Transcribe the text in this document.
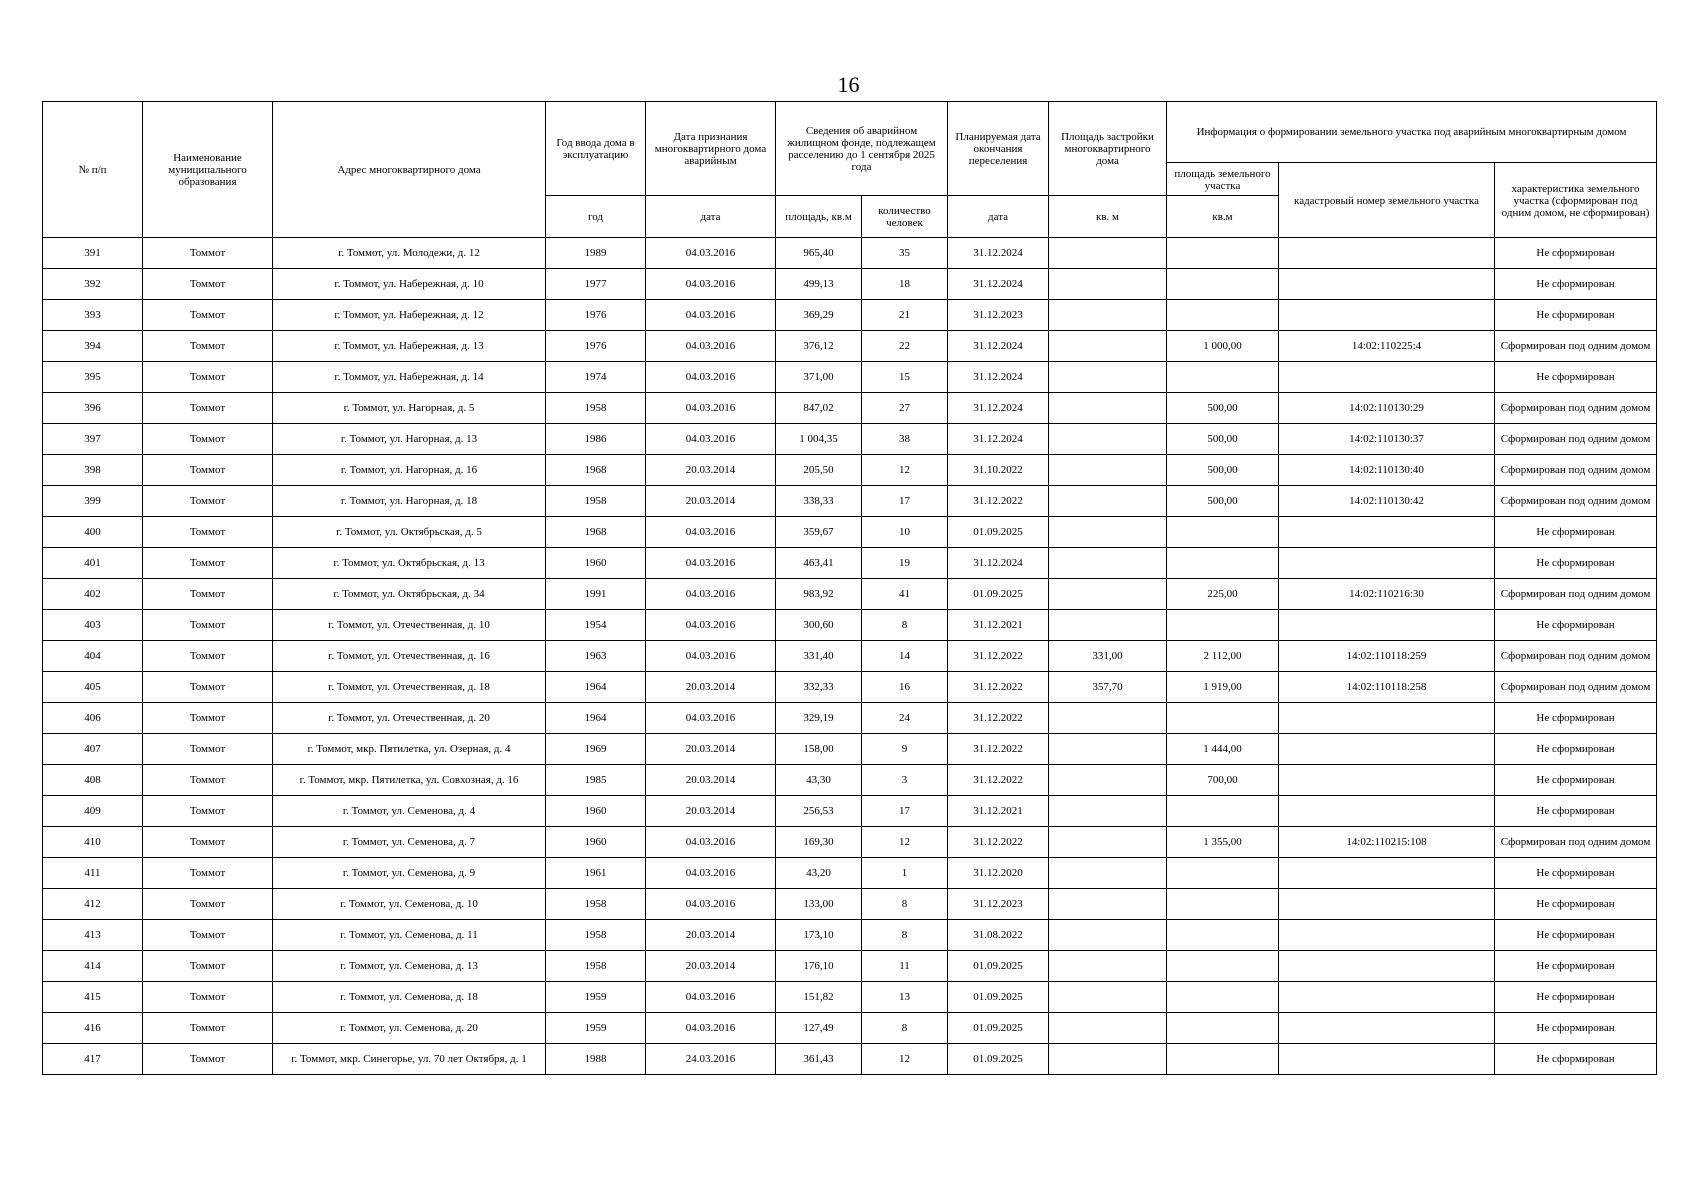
16
№ п/п	Наименование муниципального образования	Адрес многоквартирного дома	Год ввода дома в эксплуатацию	Дата признания многоквартирного дома аварийным	Сведения об аварийном жилищном фонде, подлежащем расселению до 1 сентября 2025 года		Планируемая дата окончания переселения	Площадь застройки многоквартирного дома	Информация о формировании земельного участка под аварийным многоквартирным домом		
									площадь земельного участка	кадастровый номер земельного участка	характеристика земельного участка (сформирован под одним домом, не сформирован)
			год	дата	площадь, кв.м	количество человек	дата	кв. м	кв.м		
391	Томмот	г. Томмот, ул. Молодежи, д. 12	1989	04.03.2016	965,40	35	31.12.2024				Не сформирован
392	Томмот	г. Томмот, ул. Набережная, д. 10	1977	04.03.2016	499,13	18	31.12.2024				Не сформирован
393	Томмот	г. Томмот, ул. Набережная, д. 12	1976	04.03.2016	369,29	21	31.12.2023				Не сформирован
394	Томмот	г. Томмот, ул. Набережная, д. 13	1976	04.03.2016	376,12	22	31.12.2024		1 000,00	14:02:110225:4	Сформирован под одним домом
395	Томмот	г. Томмот, ул. Набережная, д. 14	1974	04.03.2016	371,00	15	31.12.2024				Не сформирован
396	Томмот	г. Томмот, ул. Нагорная, д. 5	1958	04.03.2016	847,02	27	31.12.2024		500,00	14:02:110130:29	Сформирован под одним домом
397	Томмот	г. Томмот, ул. Нагорная, д. 13	1986	04.03.2016	1 004,35	38	31.12.2024		500,00	14:02:110130:37	Сформирован под одним домом
398	Томмот	г. Томмот, ул. Нагорная, д. 16	1968	20.03.2014	205,50	12	31.10.2022		500,00	14:02:110130:40	Сформирован под одним домом
399	Томмот	г. Томмот, ул. Нагорная, д. 18	1958	20.03.2014	338,33	17	31.12.2022		500,00	14:02:110130:42	Сформирован под одним домом
400	Томмот	г. Томмот, ул. Октябрьская, д. 5	1968	04.03.2016	359,67	10	01.09.2025				Не сформирован
401	Томмот	г. Томмот, ул. Октябрьская, д. 13	1960	04.03.2016	463,41	19	31.12.2024				Не сформирован
402	Томмот	г. Томмот, ул. Октябрьская, д. 34	1991	04.03.2016	983,92	41	01.09.2025		225,00	14:02:110216:30	Сформирован под одним домом
403	Томмот	г. Томмот, ул. Отечественная, д. 10	1954	04.03.2016	300,60	8	31.12.2021				Не сформирован
404	Томмот	г. Томмот, ул. Отечественная, д. 16	1963	04.03.2016	331,40	14	31.12.2022	331,00	2 112,00	14:02:110118:259	Сформирован под одним домом
405	Томмот	г. Томмот, ул. Отечественная, д. 18	1964	20.03.2014	332,33	16	31.12.2022	357,70	1 919,00	14:02:110118:258	Сформирован под одним домом
406	Томмот	г. Томмот, ул. Отечественная, д. 20	1964	04.03.2016	329,19	24	31.12.2022				Не сформирован
407	Томмот	г. Томмот, мкр. Пятилетка, ул. Озерная, д. 4	1969	20.03.2014	158,00	9	31.12.2022		1 444,00		Не сформирован
408	Томмот	г. Томмот, мкр. Пятилетка, ул. Совхозная, д. 16	1985	20.03.2014	43,30	3	31.12.2022		700,00		Не сформирован
409	Томмот	г. Томмот, ул. Семенова, д. 4	1960	20.03.2014	256,53	17	31.12.2021				Не сформирован
410	Томмот	г. Томмот, ул. Семенова, д. 7	1960	04.03.2016	169,30	12	31.12.2022		1 355,00	14:02:110215:108	Сформирован под одним домом
411	Томмот	г. Томмот, ул. Семенова, д. 9	1961	04.03.2016	43,20	1	31.12.2020				Не сформирован
412	Томмот	г. Томмот, ул. Семенова, д. 10	1958	04.03.2016	133,00	8	31.12.2023				Не сформирован
413	Томмот	г. Томмот, ул. Семенова, д. 11	1958	20.03.2014	173,10	8	31.08.2022				Не сформирован
414	Томмот	г. Томмот, ул. Семенова, д. 13	1958	20.03.2014	176,10	11	01.09.2025				Не сформирован
415	Томмот	г. Томмот, ул. Семенова, д. 18	1959	04.03.2016	151,82	13	01.09.2025				Не сформирован
416	Томмот	г. Томмот, ул. Семенова, д. 20	1959	04.03.2016	127,49	8	01.09.2025				Не сформирован
417	Томмот	г. Томмот, мкр. Синегорье, ул. 70 лет Октября, д. 1	1988	24.03.2016	361,43	12	01.09.2025				Не сформирован
